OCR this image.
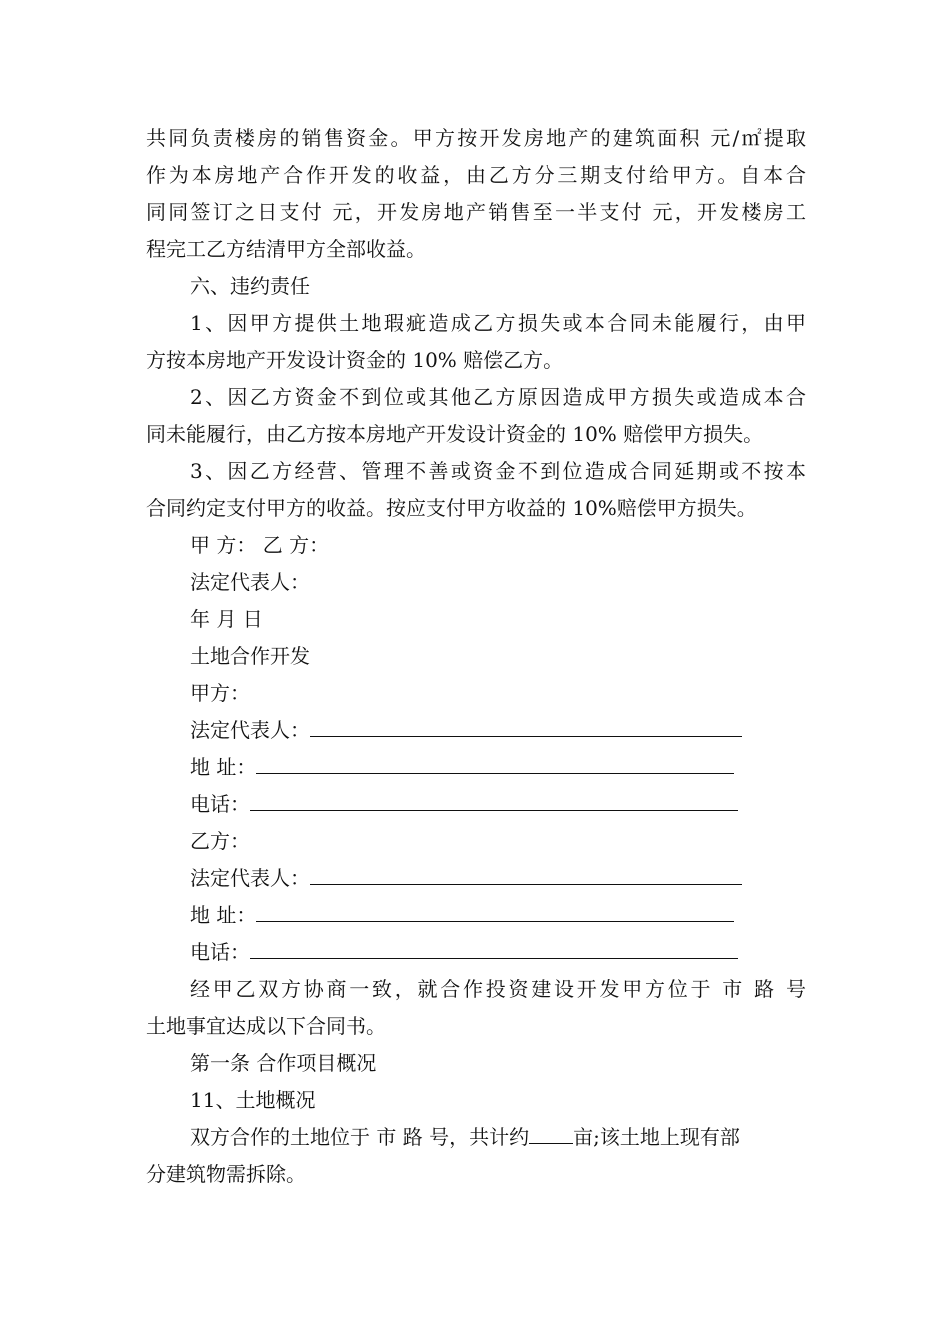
共同负责楼房的销售资金。甲方按开发房地产的建筑面积 元/㎡提取
作为本房地产合作开发的收益，由乙方分三期支付给甲方。自本合
同同签订之日支付 元，开发房地产销售至一半支付 元，开发楼房工
程完工乙方结清甲方全部收益。
六、违约责任
1、因甲方提供土地瑕疵造成乙方损失或本合同未能履行，由甲
方按本房地产开发设计资金的 10% 赔偿乙方。
2、因乙方资金不到位或其他乙方原因造成甲方损失或造成本合
同未能履行，由乙方按本房地产开发设计资金的 10% 赔偿甲方损失。
3、因乙方经营、管理不善或资金不到位造成合同延期或不按本
合同约定支付甲方的收益。按应支付甲方收益的 10%赔偿甲方损失。
甲 方： 乙 方：
法定代表人：
年 月 日
土地合作开发
甲方：
法定代表人：
地 址：
电话：
乙方：
法定代表人：
地 址：
电话：
经甲乙双方协商一致，就合作投资建设开发甲方位于 市 路 号
土地事宜达成以下合同书。
第一条 合作项目概况
11、土地概况
双方合作的土地位于 市 路 号，共计约 亩;该土地上现有部
分建筑物需拆除。
